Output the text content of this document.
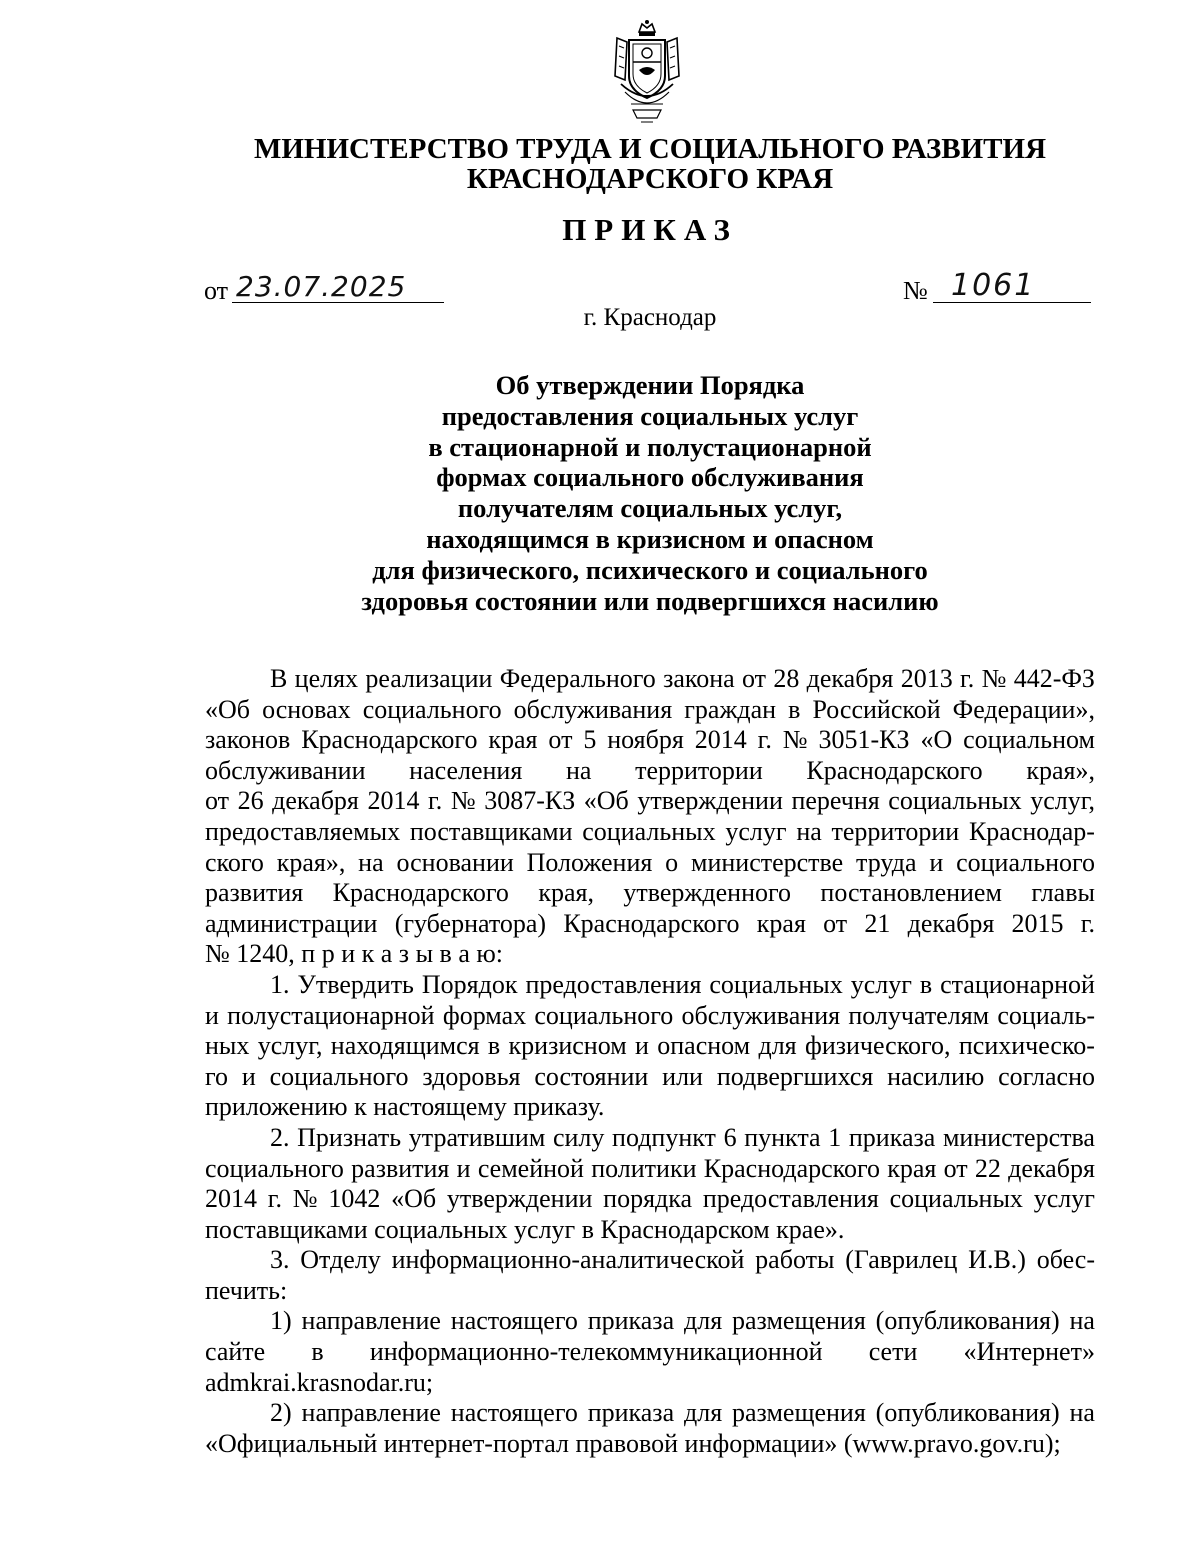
МИНИСТЕРСТВО ТРУДА И СОЦИАЛЬНОГО РАЗВИТИЯ
КРАСНОДАРСКОГО КРАЯ
ПРИКАЗ
от 23.07.2025	№ 1061
г. Краснодар
Об утверждении Порядка
предоставления социальных услуг
в стационарной и полустационарной
формах социального обслуживания
получателям социальных услуг,
находящимся в кризисном и опасном
для физического, психического и социального
здоровья состоянии или подвергшихся насилию
В целях реализации Федерального закона от 28 декабря 2013 г. № 442-ФЗ
«Об основах социального обслуживания граждан в Российской Федерации»,
законов Краснодарского края от 5 ноября 2014 г. № 3051-КЗ «О социальном
обслуживании населения на территории Краснодарского края»,
от 26 декабря 2014 г. № 3087-КЗ «Об утверждении перечня социальных услуг,
предоставляемых поставщиками социальных услуг на территории Краснодар-
ского края», на основании Положения о министерстве труда и социального
развития Краснодарского края, утвержденного постановлением главы
администрации (губернатора) Краснодарского края от 21 декабря 2015 г.
№ 1240, п р и к а з ы в а ю:
1. Утвердить Порядок предоставления социальных услуг в стационарной
и полустационарной формах социального обслуживания получателям социаль-
ных услуг, находящимся в кризисном и опасном для физического, психическо-
го и социального здоровья состоянии или подвергшихся насилию согласно
приложению к настоящему приказу.
2. Признать утратившим силу подпункт 6 пункта 1 приказа министерства
социального развития и семейной политики Краснодарского края от 22 декабря
2014 г. № 1042 «Об утверждении порядка предоставления социальных услуг
поставщиками социальных услуг в Краснодарском крае».
3. Отделу информационно-аналитической работы (Гаврилец И.В.) обес-
печить:
1) направление настоящего приказа для размещения (опубликования) на
сайте в информационно-телекоммуникационной сети «Интернет»
admkrai.krasnodar.ru;
2) направление настоящего приказа для размещения (опубликования) на
«Официальный интернет-портал правовой информации» (www.pravo.gov.ru);
